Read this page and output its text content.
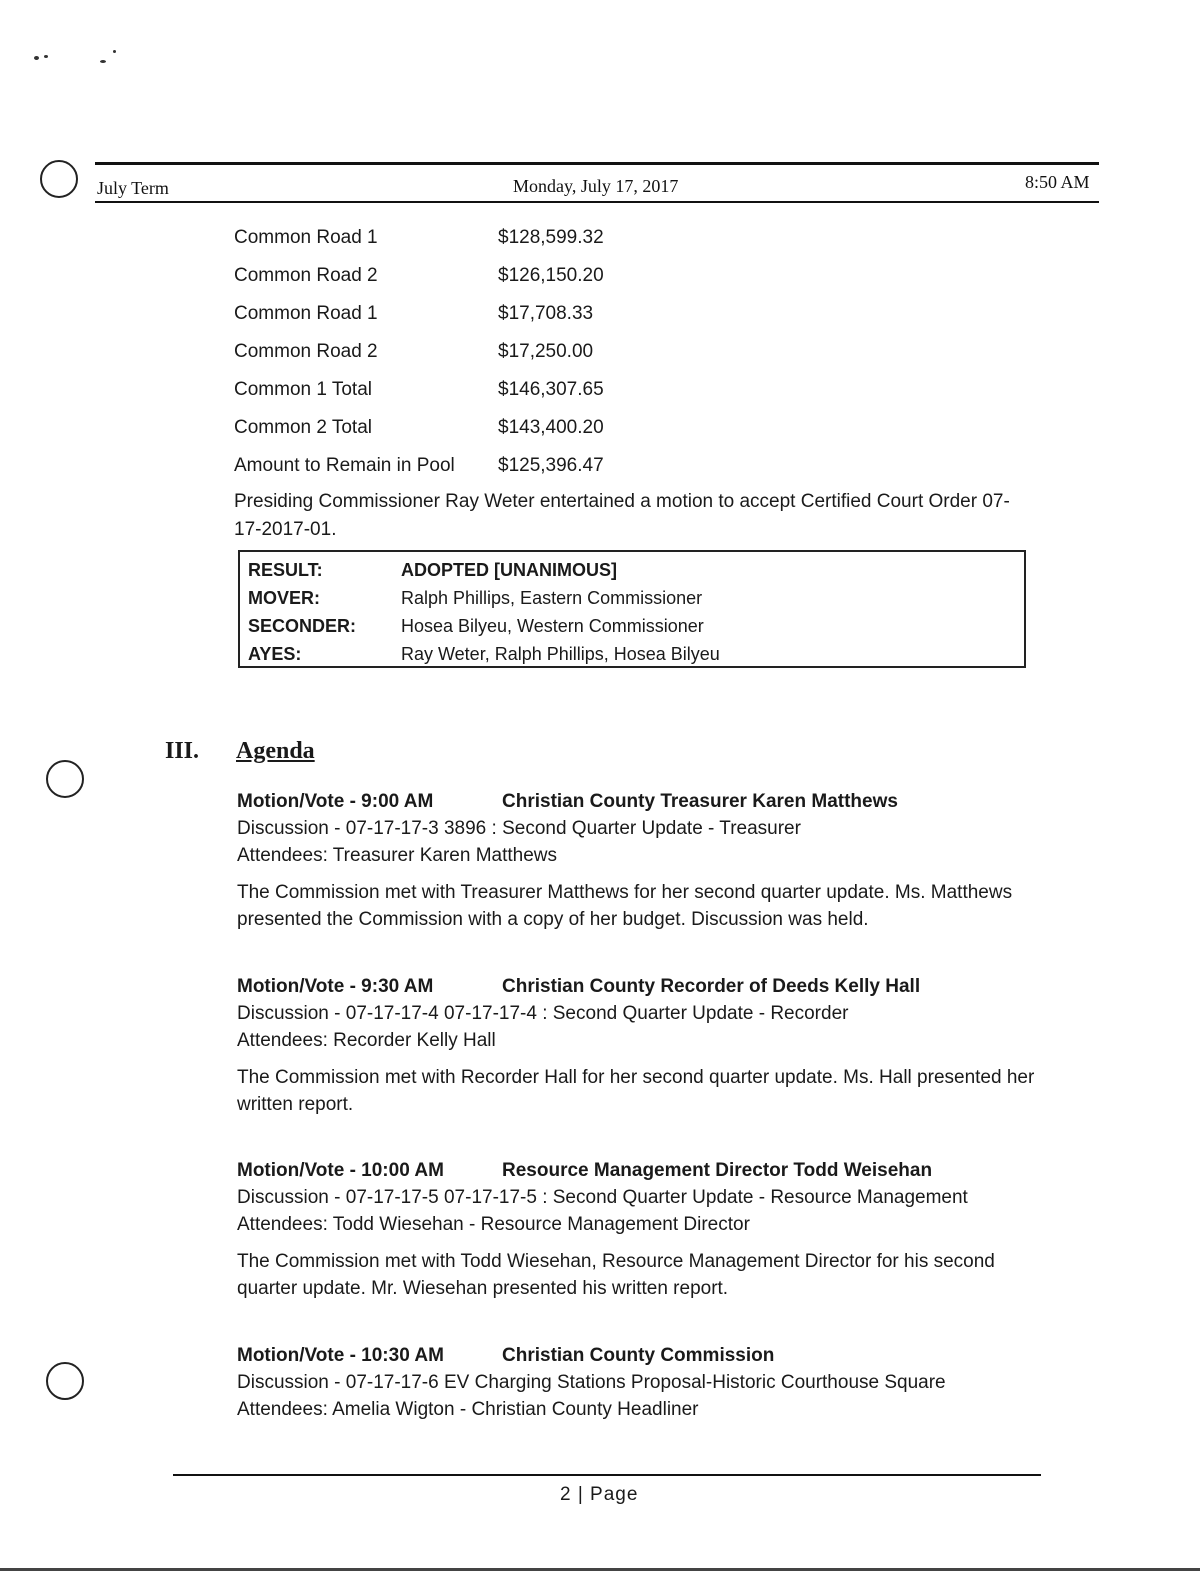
July Term	Monday, July 17, 2017	8:50 AM
Common Road 1	$128,599.32
Common Road 2	$126,150.20
Common Road 1	$17,708.33
Common Road 2	$17,250.00
Common 1 Total	$146,307.65
Common 2 Total	$143,400.20
Amount to Remain in Pool $125,396.47
Presiding Commissioner Ray Weter entertained a motion to accept Certified Court Order 07-17-2017-01.
RESULT:	ADOPTED [UNANIMOUS]
MOVER:	Ralph Phillips, Eastern Commissioner
SECONDER: Hosea Bilyeu, Western Commissioner
AYES:	Ray Weter, Ralph Phillips, Hosea Bilyeu
III. Agenda
Motion/Vote - 9:00 AM	Christian County Treasurer Karen Matthews
Discussion - 07-17-17-3 3896 : Second Quarter Update - Treasurer
Attendees: Treasurer Karen Matthews
The Commission met with Treasurer Matthews for her second quarter update. Ms. Matthews presented the Commission with a copy of her budget. Discussion was held.
Motion/Vote - 9:30 AM	Christian County Recorder of Deeds Kelly Hall
Discussion - 07-17-17-4 07-17-17-4 : Second Quarter Update - Recorder
Attendees: Recorder Kelly Hall
The Commission met with Recorder Hall for her second quarter update. Ms. Hall presented her written report.
Motion/Vote - 10:00 AM	Resource Management Director Todd Weisehan
Discussion - 07-17-17-5 07-17-17-5 : Second Quarter Update - Resource Management
Attendees: Todd Wiesehan - Resource Management Director
The Commission met with Todd Wiesehan, Resource Management Director for his second quarter update. Mr. Wiesehan presented his written report.
Motion/Vote - 10:30 AM	Christian County Commission
Discussion - 07-17-17-6 EV Charging Stations Proposal-Historic Courthouse Square
Attendees: Amelia Wigton - Christian County Headliner
2 | Page
